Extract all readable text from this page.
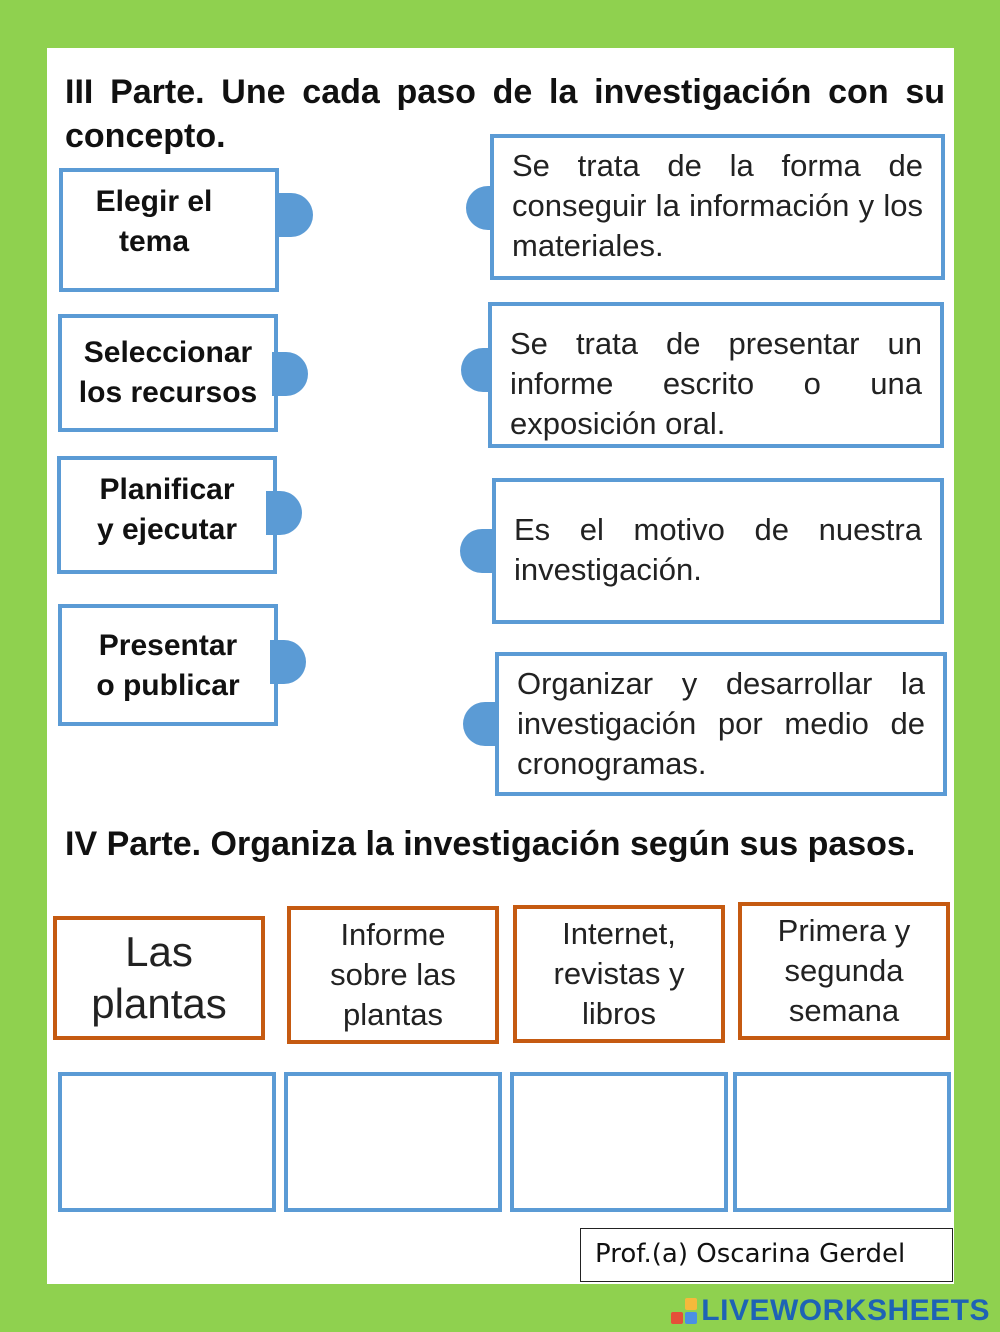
III Parte. Une cada paso de la investigación con su concepto.
Elegir el
tema
Seleccionar
los recursos
Planificar
y ejecutar
Presentar
o publicar
Se trata de la forma de conseguir la información y los materiales.
Se trata de presentar un informe escrito o una exposición oral.
Es el motivo de nuestra investigación.
Organizar y desarrollar la investigación por medio de cronogramas.
IV Parte. Organiza la investigación según sus pasos.
Las
plantas
Informe
sobre las
plantas
Internet,
revistas y
libros
Primera y
segunda
semana
Prof.(a) Oscarina Gerdel
LIVEWORKSHEETS
